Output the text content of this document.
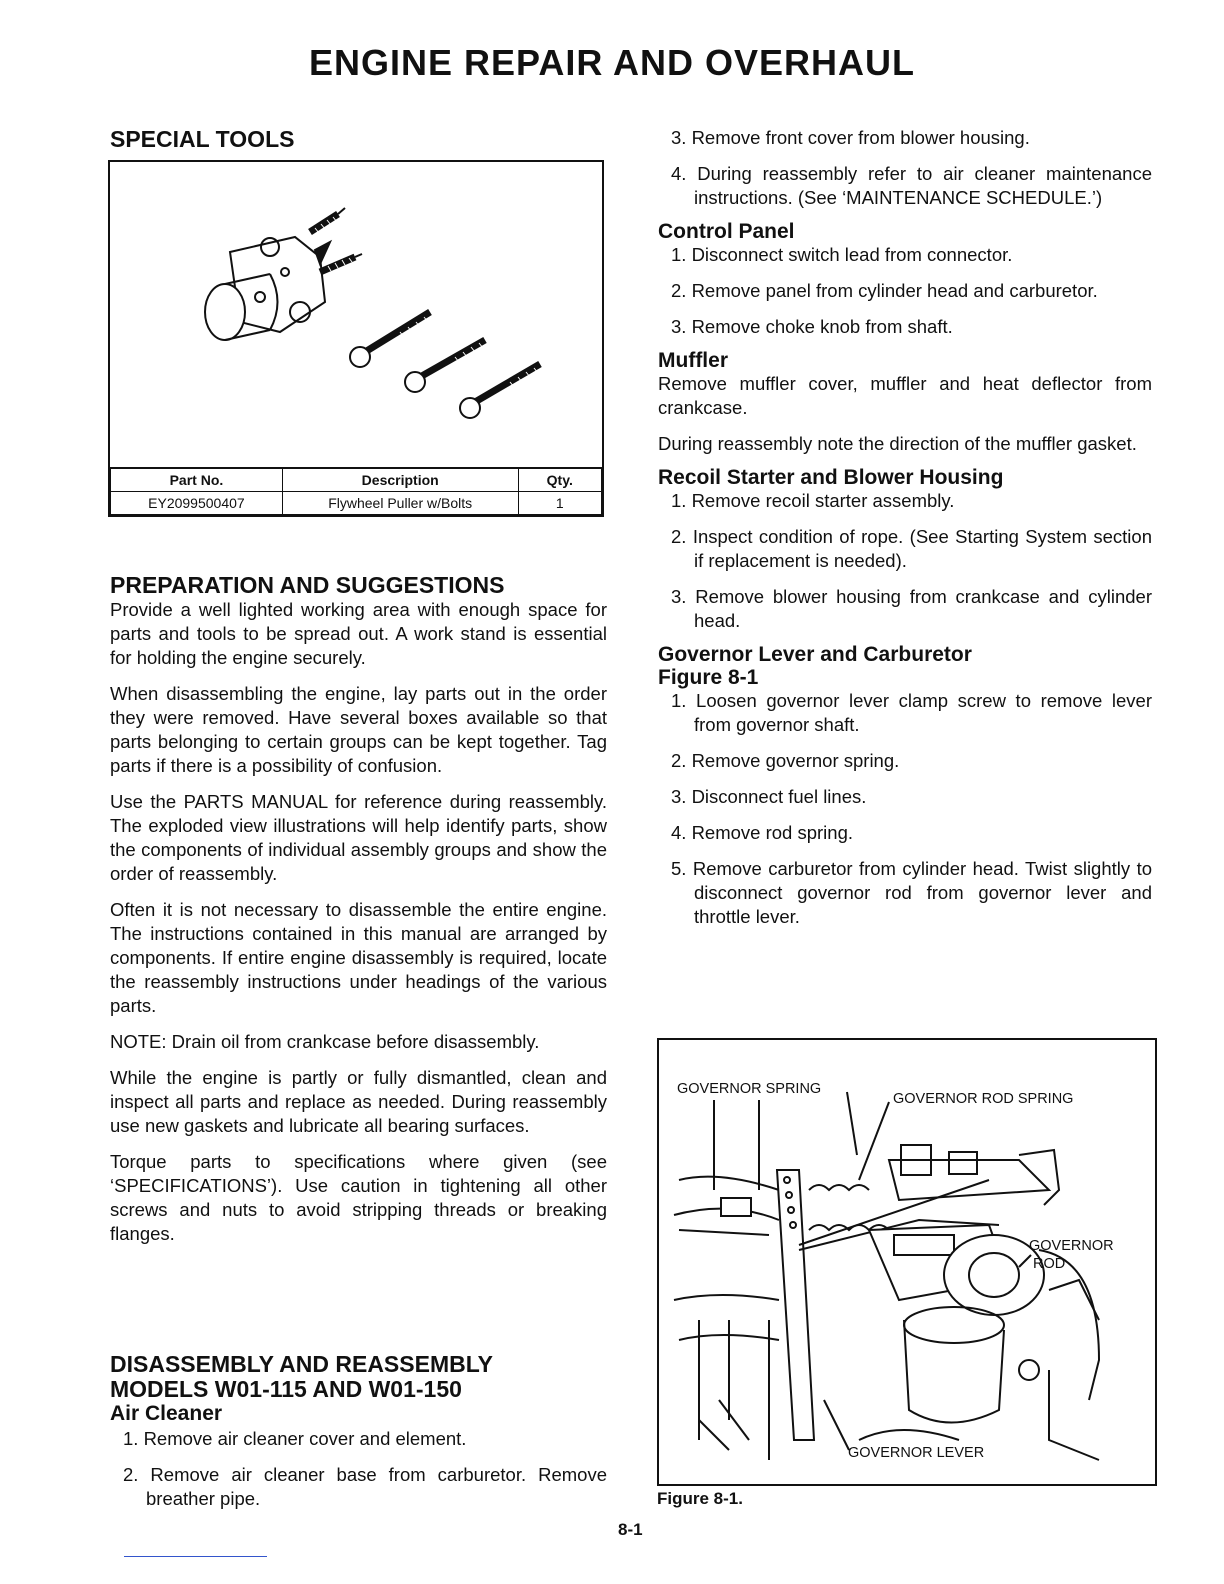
ENGINE REPAIR AND OVERHAUL
SPECIAL TOOLS
Part No.	Description	Qty.
EY2099500407	Flywheel Puller w/Bolts	1
PREPARATION AND SUGGESTIONS

Provide a well lighted working area with enough space for parts and tools to be spread out. A work stand is essential for holding the engine securely.

When disassembling the engine, lay parts out in the order they were removed. Have several boxes available so that parts belonging to certain groups can be kept together. Tag parts if there is a possibility of confusion.

Use the PARTS MANUAL for reference during reassembly. The exploded view illustrations will help identify parts, show the components of individual assembly groups and show the order of reassembly.

Often it is not necessary to disassemble the entire engine. The instructions contained in this manual are arranged by components. If entire engine disassembly is required, locate the reassembly instructions under headings of the various parts.

NOTE: Drain oil from crankcase before disassembly.

While the engine is partly or fully dismantled, clean and inspect all parts and replace as needed. During reassembly use new gaskets and lubricate all bearing surfaces.

Torque parts to specifications where given (see ‘SPECIFICATIONS’). Use caution in tightening all other screws and nuts to avoid stripping threads or breaking flanges.

DISASSEMBLY AND REASSEMBLY
MODELS W01-115 AND W01-150
Air Cleaner

1. Remove air cleaner cover and element.

2. Remove air cleaner base from carburetor. Remove breather pipe.

3. Remove front cover from blower housing.

4. During reassembly refer to air cleaner maintenance instructions. (See ‘MAINTENANCE SCHEDULE.’)

Control Panel

1. Disconnect switch lead from connector.

2. Remove panel from cylinder head and carburetor.

3. Remove choke knob from shaft.

Muffler

Remove muffler cover, muffler and heat deflector from crankcase.

During reassembly note the direction of the muffler gasket.

Recoil Starter and Blower Housing

1. Remove recoil starter assembly.

2. Inspect condition of rope. (See Starting System section if replacement is needed).

3. Remove blower housing from crankcase and cylinder head.

Governor Lever and Carburetor
Figure 8-1

1. Loosen governor lever clamp screw to remove lever from governor shaft.

2. Remove governor spring.

3. Disconnect fuel lines.

4. Remove rod spring.

5. Remove carburetor from cylinder head. Twist slightly to disconnect governor rod from governor lever and throttle lever.

GOVERNOR SPRING
GOVERNOR ROD SPRING
GOVERNOR
ROD
GOVERNOR LEVER
Figure 8-1.
8-1
